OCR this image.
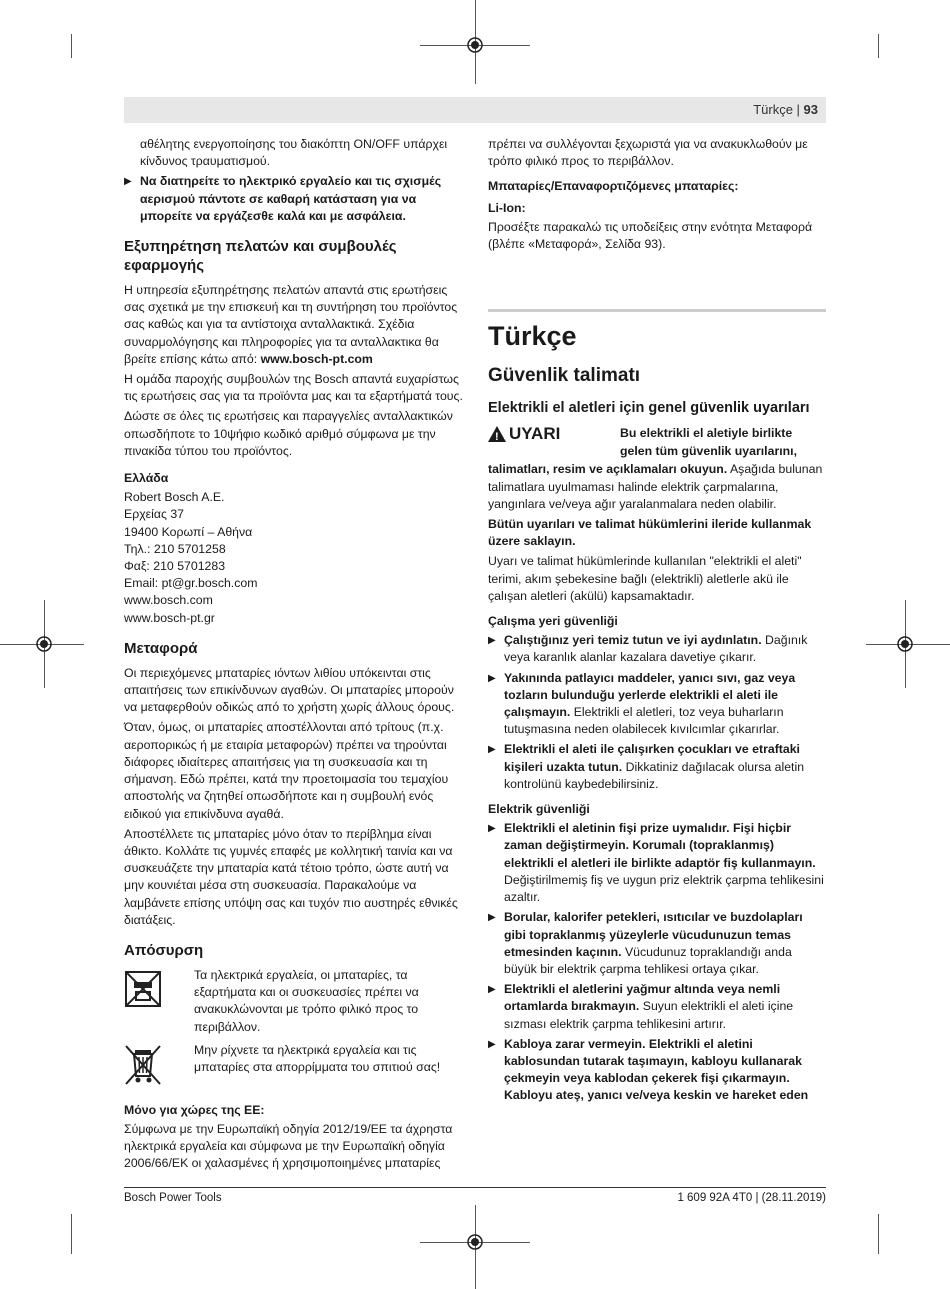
Türkçe | 93

αθέλητης ενεργοποίησης του διακόπτη ON/OFF υπάρχει κίνδυνος τραυματισμού.

▶ Να διατηρείτε το ηλεκτρικό εργαλείο και τις σχισμές αερισμού πάντοτε σε καθαρή κατάσταση για να μπορείτε να εργάζεσθε καλά και με ασφάλεια.
Εξυπηρέτηση πελατών και συμβουλές εφαρμογής

Η υπηρεσία εξυπηρέτησης πελατών απαντά στις ερωτήσεις σας σχετικά με την επισκευή και τη συντήρηση του προϊόντος σας καθώς και για τα αντίστοιχα ανταλλακτικά. Σχέδια συναρμολόγησης και πληροφορίες για τα ανταλλακτικα θα βρείτε επίσης κάτω από: www.bosch-pt.com

Η ομάδα παροχής συμβουλών της Bosch απαντά ευχαρίστως τις ερωτήσεις σας για τα προϊόντα μας και τα εξαρτήματά τους.

Δώστε σε όλες τις ερωτήσεις και παραγγελίες ανταλλακτικών οπωσδήποτε το 10ψήφιο κωδικό αριθμό σύμφωνα με την πινακίδα τύπου του προϊόντος.

Ελλάδα
Robert Bosch A.E.
Ερχείας 37
19400 Κορωπί – Αθήνα
Τηλ.: 210 5701258
Φαξ: 210 5701283
Email: pt@gr.bosch.com
www.bosch.com
www.bosch-pt.gr
Μεταφορά

Οι περιεχόμενες μπαταρίες ιόντων λιθίου υπόκεινται στις απαιτήσεις των επικίνδυνων αγαθών. Οι μπαταρίες μπορούν να μεταφερθούν οδικώς από το χρήστη χωρίς άλλους όρους.

Όταν, όμως, οι μπαταρίες αποστέλλονται από τρίτους (π.χ. αεροπορικώς ή με εταιρία μεταφορών) πρέπει να τηρούνται διάφορες ιδιαίτερες απαιτήσεις για τη συσκευασία και τη σήμανση. Εδώ πρέπει, κατά την προετοιμασία του τεμαχίου αποστολής να ζητηθεί οπωσδήποτε και η συμβουλή ενός ειδικού για επικίνδυνα αγαθά.

Αποστέλλετε τις μπαταρίες μόνο όταν το περίβλημα είναι άθικτο. Κολλάτε τις γυμνές επαφές με κολλητική ταινία και να συσκευάζετε την μπαταρία κατά τέτοιο τρόπο, ώστε αυτή να μην κουνιέται μέσα στη συσκευασία. Παρακαλούμε να λαμβάνετε επίσης υπόψη σας και τυχόν πιο αυστηρές εθνικές διατάξεις.

Απόσυρση
Τα ηλεκτρικά εργαλεία, οι μπαταρίες, τα εξαρτήματα και οι συσκευασίες πρέπει να ανακυκλώνονται με τρόπο φιλικό προς το περιβάλλον.
Μην ρίχνετε τα ηλεκτρικά εργαλεία και τις μπαταρίες στα απορρίμματα του σπιτιού σας!
Μόνο για χώρες της ΕΕ:

Σύμφωνα με την Ευρωπαϊκή οδηγία 2012/19/ΕΕ τα άχρηστα ηλεκτρικά εργαλεία και σύμφωνα με την Ευρωπαϊκή οδηγία 2006/66/ΕΚ οι χαλασμένες ή χρησιμοποιημένες μπαταρίες

πρέπει να συλλέγονται ξεχωριστά για να ανακυκλωθούν με τρόπο φιλικό προς το περιβάλλον.

Μπαταρίες/Επαναφορτιζόμενες μπαταρίες:
Li-Ion:

Προσέξτε παρακαλώ τις υποδείξεις στην ενότητα Μεταφορά (βλέπε «Μεταφορά», Σελίδα 93).

Türkçe
Güvenlik talimatı
Elektrikli el aletleri için genel güvenlik uyarıları
! UYARI	Bu elektrikli el aletiyle birlikte gelen tüm güvenlik uyarılarını,

talimatları, resim ve açıklamaları okuyun. Aşağıda bulunan talimatlara uyulmaması halinde elektrik çarpmalarına, yangınlara ve/veya ağır yaralanmalara neden olabilir.

Bütün uyarıları ve talimat hükümlerini ileride kullanmak üzere saklayın.

Uyarı ve talimat hükümlerinde kullanılan "elektrikli el aleti" terimi, akım şebekesine bağlı (elektrikli) aletlerle akü ile çalışan aletleri (akülü) kapsamaktadır.

Çalışma yeri güvenliği
▶ Çalıştığınız yeri temiz tutun ve iyi aydınlatın. Dağınık veya karanlık alanlar kazalara davetiye çıkarır.
▶ Yakınında patlayıcı maddeler, yanıcı sıvı, gaz veya tozların bulunduğu yerlerde elektrikli el aleti ile çalışmayın. Elektrikli el aletleri, toz veya buharların tutuşmasına neden olabilecek kıvılcımlar çıkarırlar.
▶ Elektrikli el aleti ile çalışırken çocukları ve etraftaki kişileri uzakta tutun. Dikkatiniz dağılacak olursa aletin kontrolünü kaybedebilirsiniz.
Elektrik güvenliği
▶ Elektrikli el aletinin fişi prize uymalıdır. Fişi hiçbir zaman değiştirmeyin. Korumalı (topraklanmış) elektrikli el aletleri ile birlikte adaptör fiş kullanmayın. Değiştirilmemiş fiş ve uygun priz elektrik çarpma tehlikesini azaltır.
▶ Borular, kalorifer petekleri, ısıtıcılar ve buzdolapları gibi topraklanmış yüzeylerle vücudunuzun temas etmesinden kaçının. Vücudunuz topraklandığı anda büyük bir elektrik çarpma tehlikesi ortaya çıkar.
▶ Elektrikli el aletlerini yağmur altında veya nemli ortamlarda bırakmayın. Suyun elektrikli el aleti içine sızması elektrik çarpma tehlikesini artırır.
▶ Kabloya zarar vermeyin. Elektrikli el aletini kablosundan tutarak taşımayın, kabloyu kullanarak çekmeyin veya kablodan çekerek fişi çıkarmayın. Kabloyu ateş, yanıcı ve/veya keskin ve hareket eden
Bosch Power Tools	1 609 92A 4T0 | (28.11.2019)
